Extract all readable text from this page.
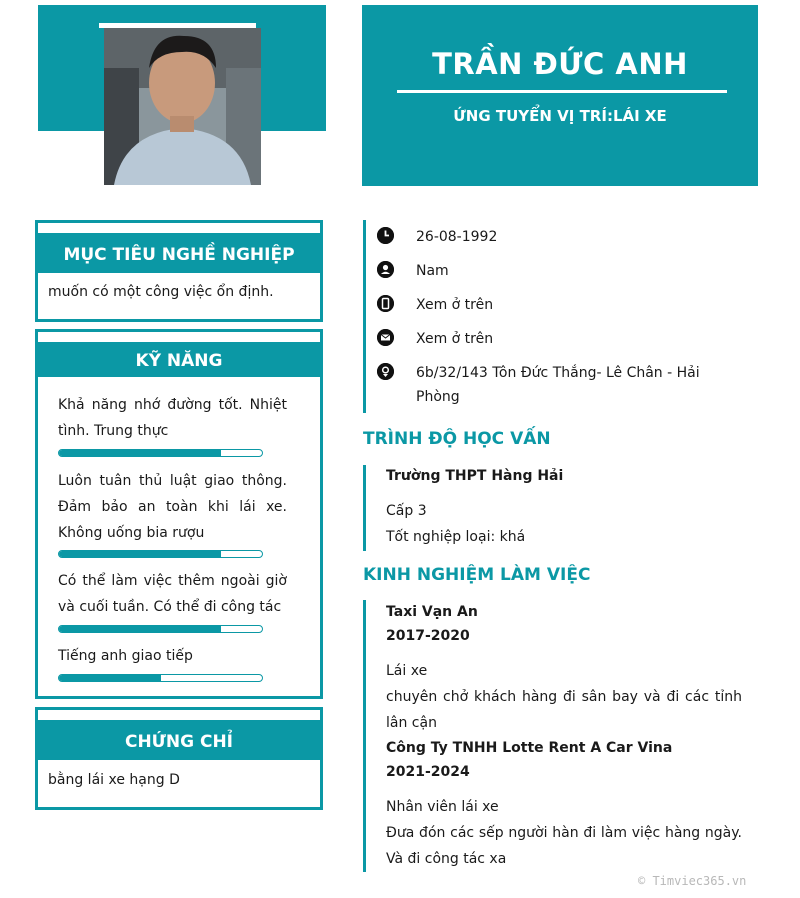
TRẦN ĐỨC ANH
ỨNG TUYỂN VỊ TRÍ:LÁI XE
MỤC TIÊU NGHỀ NGHIỆP
muốn có một công việc ổn định.
KỸ NĂNG
Khả năng nhớ đường tốt. Nhiệt tình. Trung thực
Luôn tuân thủ luật giao thông. Đảm bảo an toàn khi lái xe. Không uống bia rượu
Có thể làm việc thêm ngoài giờ và cuối tuần. Có thể đi công tác
Tiếng anh giao tiếp
CHỨNG CHỈ
bằng lái xe hạng D
26-08-1992
Nam
Xem ở trên
Xem ở trên
6b/32/143 Tôn Đức Thắng- Lê Chân - Hải Phòng
TRÌNH ĐỘ HỌC VẤN
Trường THPT Hàng Hải
Cấp 3
Tốt nghiệp loại: khá
KINH NGHIỆM LÀM VIỆC
Taxi Vạn An
2017-2020
Lái xe
chuyên chở khách hàng đi sân bay và đi các tỉnh lân cận
Công Ty TNHH Lotte Rent A Car Vina
2021-2024
Nhân viên lái xe
Đưa đón các sếp người hàn đi làm việc hàng ngày. Và đi công tác xa
© Timviec365.vn
